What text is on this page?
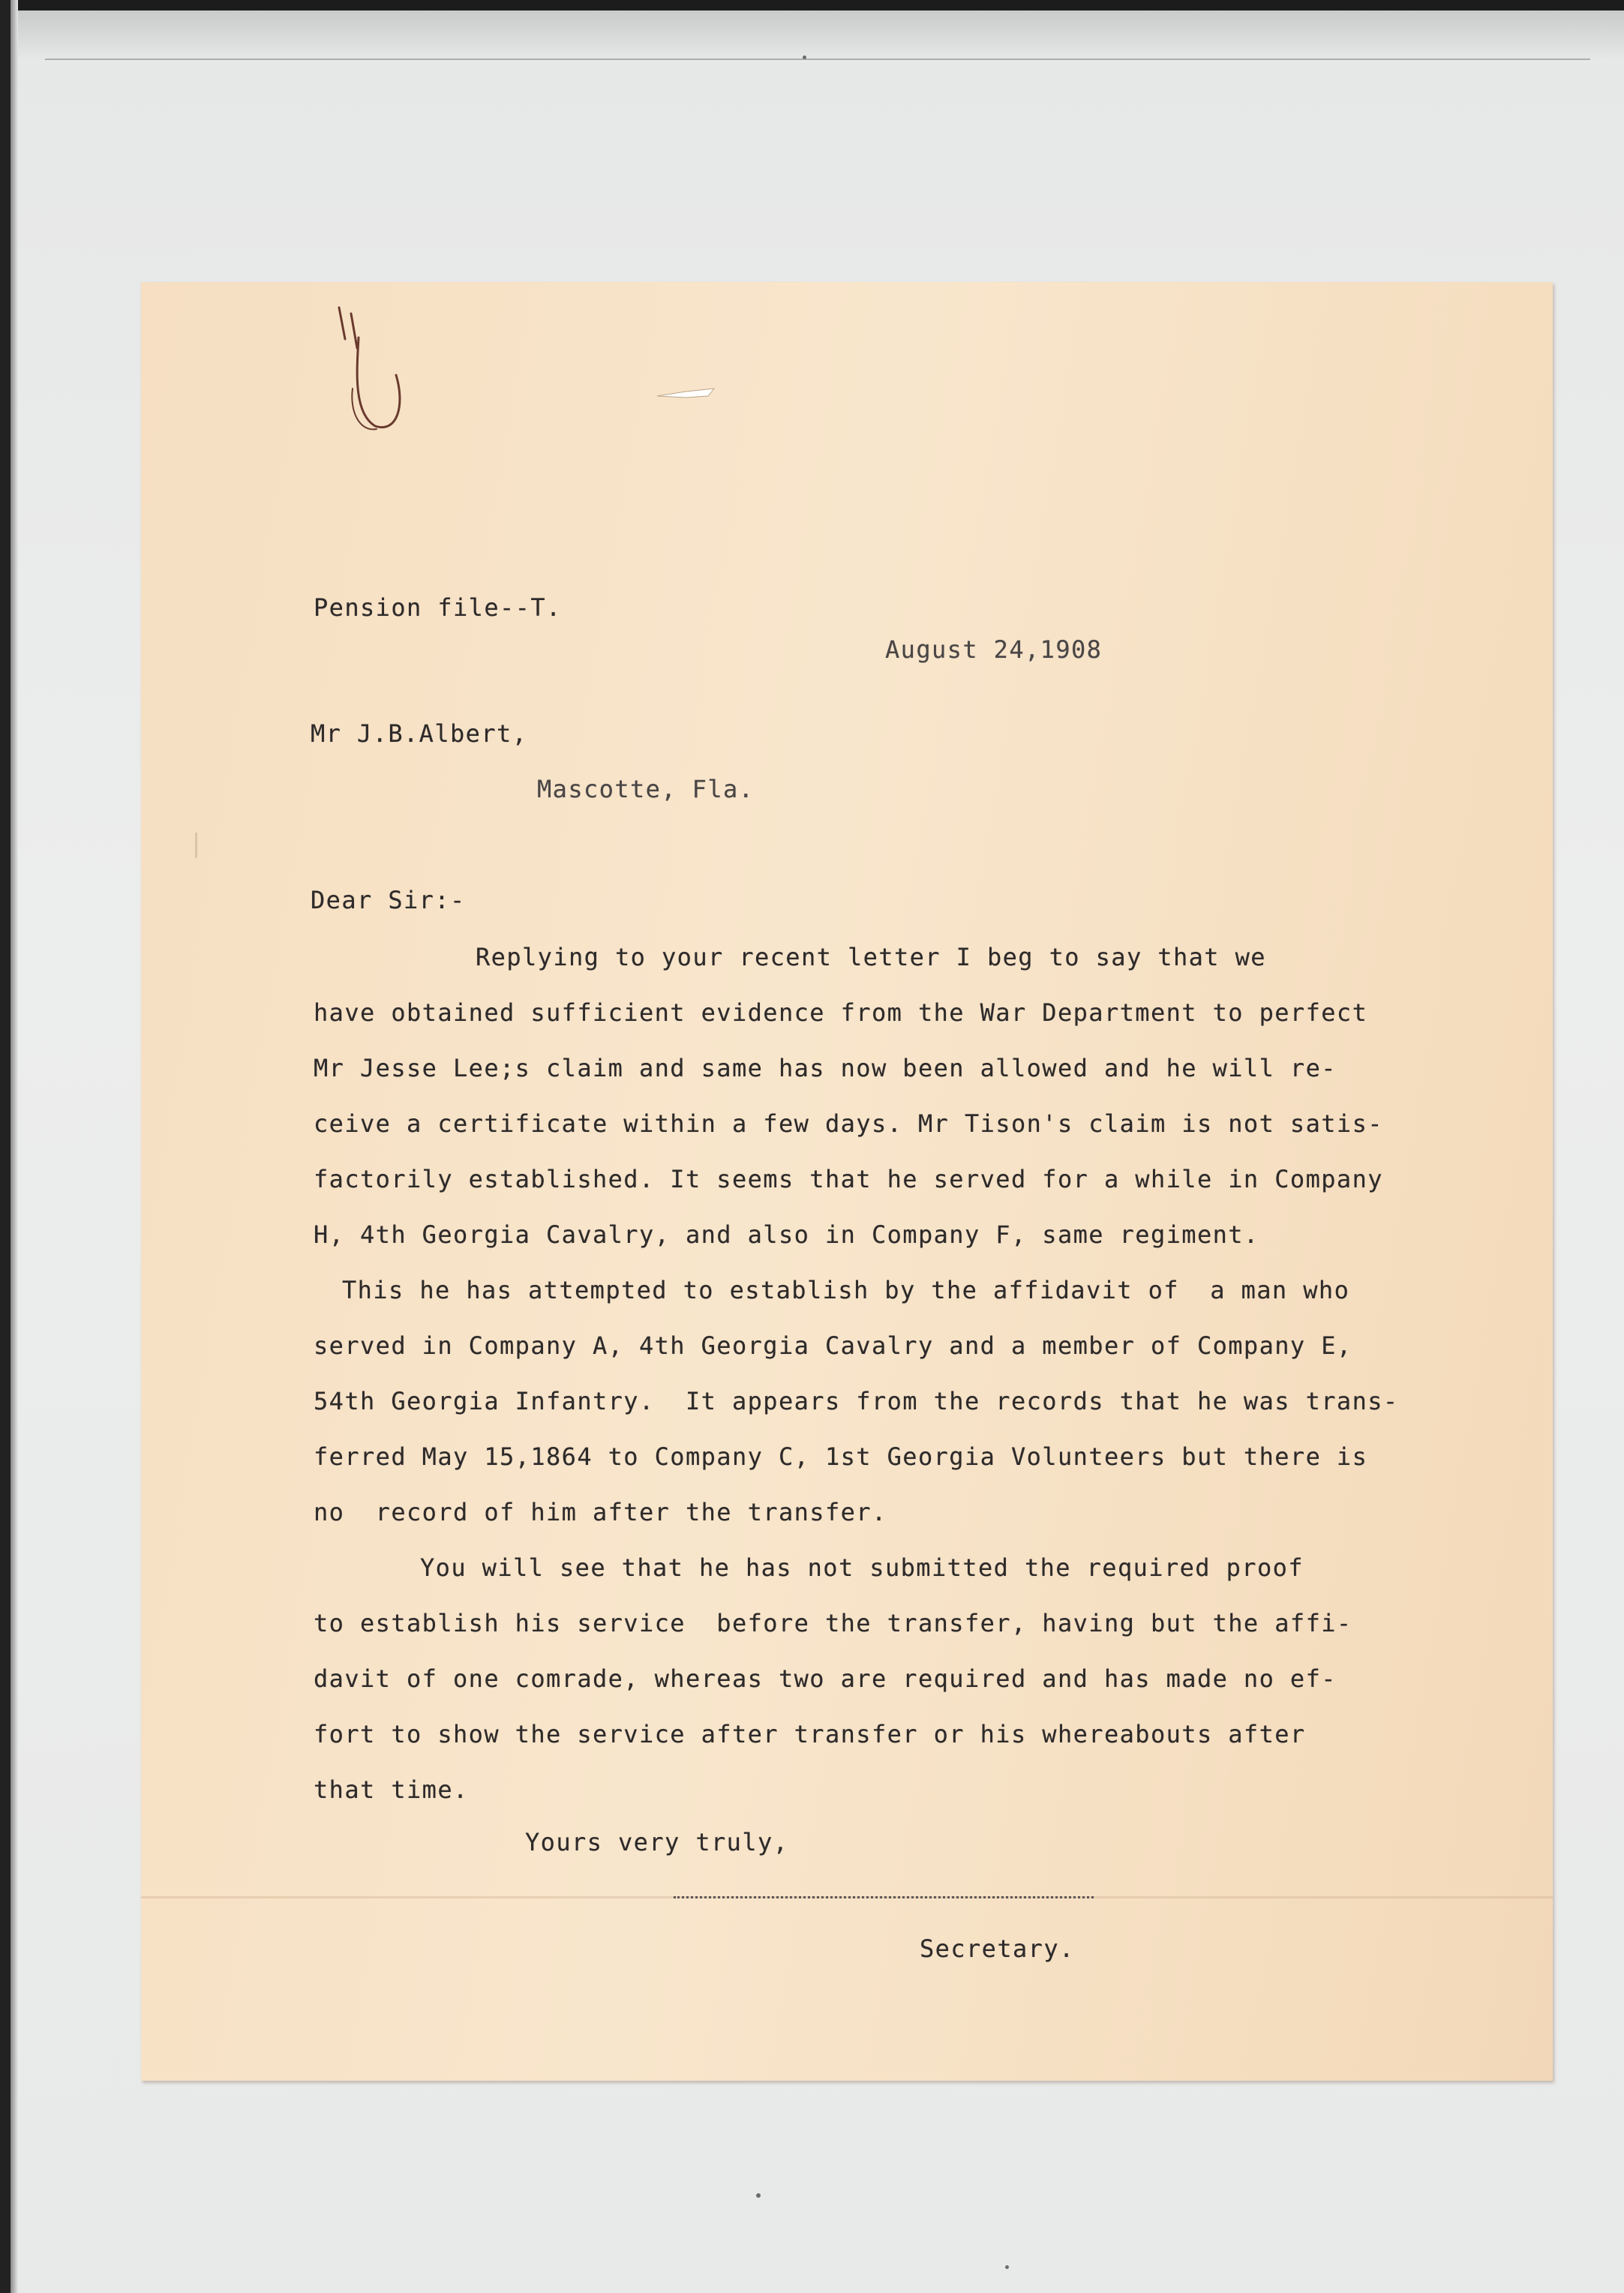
Pension file--T.

August 24,1908

Mr J.B.Albert,

Mascotte, Fla.

Dear Sir:-

Replying to your recent letter I beg to say that we

have obtained sufficient evidence from the War Department to perfect

Mr Jesse Lee;s claim and same has now been allowed and he will re-

ceive a certificate within a few days. Mr Tison's claim is not satis-

factorily established. It seems that he served for a while in Company

H, 4th Georgia Cavalry, and also in Company F, same regiment.

This he has attempted to establish by the affidavit of  a man who

served in Company A, 4th Georgia Cavalry and a member of Company E,

54th Georgia Infantry.  It appears from the records that he was trans-

ferred May 15,1864 to Company C, 1st Georgia Volunteers but there is

no  record of him after the transfer.

You will see that he has not submitted the required proof

to establish his service  before the transfer, having but the affi-

davit of one comrade, whereas two are required and has made no ef-

fort to show the service after transfer or his whereabouts after

that time.

Yours very truly,

Secretary.
